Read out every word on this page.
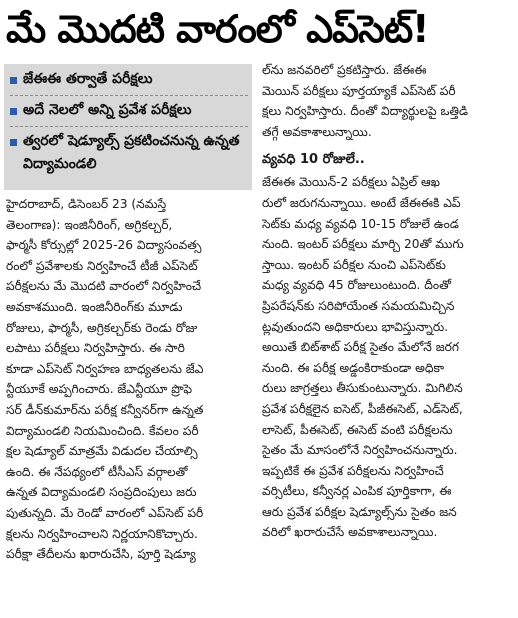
మే మొదటి వారంలో ఎప్‌సెట్‌!
జేఈఈ తర్వాతే పరీక్షలు
అదే నెలలో అన్ని ప్రవేశ పరీక్షలు
త్వరలో షెడ్యూల్స్‌ ప్రకటించనున్న ఉన్నత విద్యామండలి
హైదరాబాద్‌, డిసెంబర్‌ 23 (నమస్తే
తెలంగాణ): ఇంజినీరింగ్‌, అగ్రికల్చర్‌,
ఫార్మసీ కోర్సుల్లో 2025-26 విద్యాసంవత్స
రంలో ప్రవేశాలకు నిర్వహించే టీజీ ఎప్‌సెట్‌
పరీక్షలను మే మొదటి వారంలో నిర్వహించే
అవకాశముంది. ఇంజినీరింగ్‌కు మూడు
రోజులు, ఫార్మసీ, అగ్రికల్చర్‌కు రెండు రోజు
లపాటు పరీక్షలు నిర్వహిస్తారు. ఈ సారి
కూడా ఎప్‌సెట్‌ నిర్వహణ బాధ్యతలను జేఎ
న్టీయూకే అప్పగించారు. జేఎన్టీయూ ప్రొఫె
సర్‌ డీన్‌కుమార్‌ను పరీక్ష కన్వీనర్‌గా ఉన్నత
విద్యామండలి నియమించింది. కేవలం పరీ
క్షల షెడ్యూల్‌ మాత్రమే విడుదల చేయాల్సి
ఉంది. ఈ నేపథ్యంలో టీసీఎస్‌ వర్గాలతో
ఉన్నత విద్యామండలి సంప్రదింపులు జరు
పుతున్నది. మే రెండో వారంలో ఎప్‌సెట్‌ పరీ
క్షలను నిర్వహించాలని నిర్ణయానికొచ్చారు.
పరీక్షా తేదీలను ఖరారుచేసి, పూర్తి షెడ్యూ
ల్‌ను జనవరిలో ప్రకటిస్తారు. జేఈఈ
మెయిన్‌ పరీక్షలు పూర్తయ్యాకే ఎప్‌సెట్‌ పరీ
క్షలు నిర్వహిస్తారు. దీంతో విద్యార్థులపై ఒత్తిడి
తగ్గే అవకాశాలున్నాయి.
వ్యవధి 10 రోజులే..
జేఈఈ మెయిన్‌-2 పరీక్షలు ఏప్రిల్‌ ఆఖ
రులో జరుగనున్నాయి. అంటే జేఈఈకి ఎప్‌
సెట్‌కు మధ్య వ్యవధి 10-15 రోజులే ఉండ
నుంది. ఇంటర్‌ పరీక్షలు మార్చి 20తో ముగు
స్తాయి. ఇంటర్‌ పరీక్షల నుంచి ఎప్‌సెట్‌కు
మధ్య వ్యవధి 45 రోజులుంటుంది. దీంతో
ప్రిపరేషన్‌కు సరిపోయేంత సమయమిచ్చిన
ట్లవుతుందని అధికారులు భావిస్తున్నారు.
అయితే బిట్‌శాట్‌ పరీక్ష సైతం మేలోనే జరగ
నుంది. ఈ పరీక్ష అడ్డంకిరాకుండా అధికా
రులు జాగ్రత్తలు తీసుకుంటున్నారు. మిగిలిన
ప్రవేశ పరీక్షలైన ఐసెట్‌, పీజీఈసెట్‌, ఎడ్‌సెట్‌,
లాసెట్‌, పీఈసెట్‌, ఈసెట్‌ వంటి పరీక్షలను
సైతం మే మాసంలోనే నిర్వహించనున్నారు.
ఇప్పటికే ఈ ప్రవేశ పరీక్షలను నిర్వహించే
వర్సిటీలు, కన్వీనర్ల ఎంపిక పూర్తికాగా, ఈ
ఆరు ప్రవేశ పరీక్షల షెడ్యూల్స్‌ను సైతం జన
వరిలో ఖరారుచేసే అవకాశాలున్నాయి.
